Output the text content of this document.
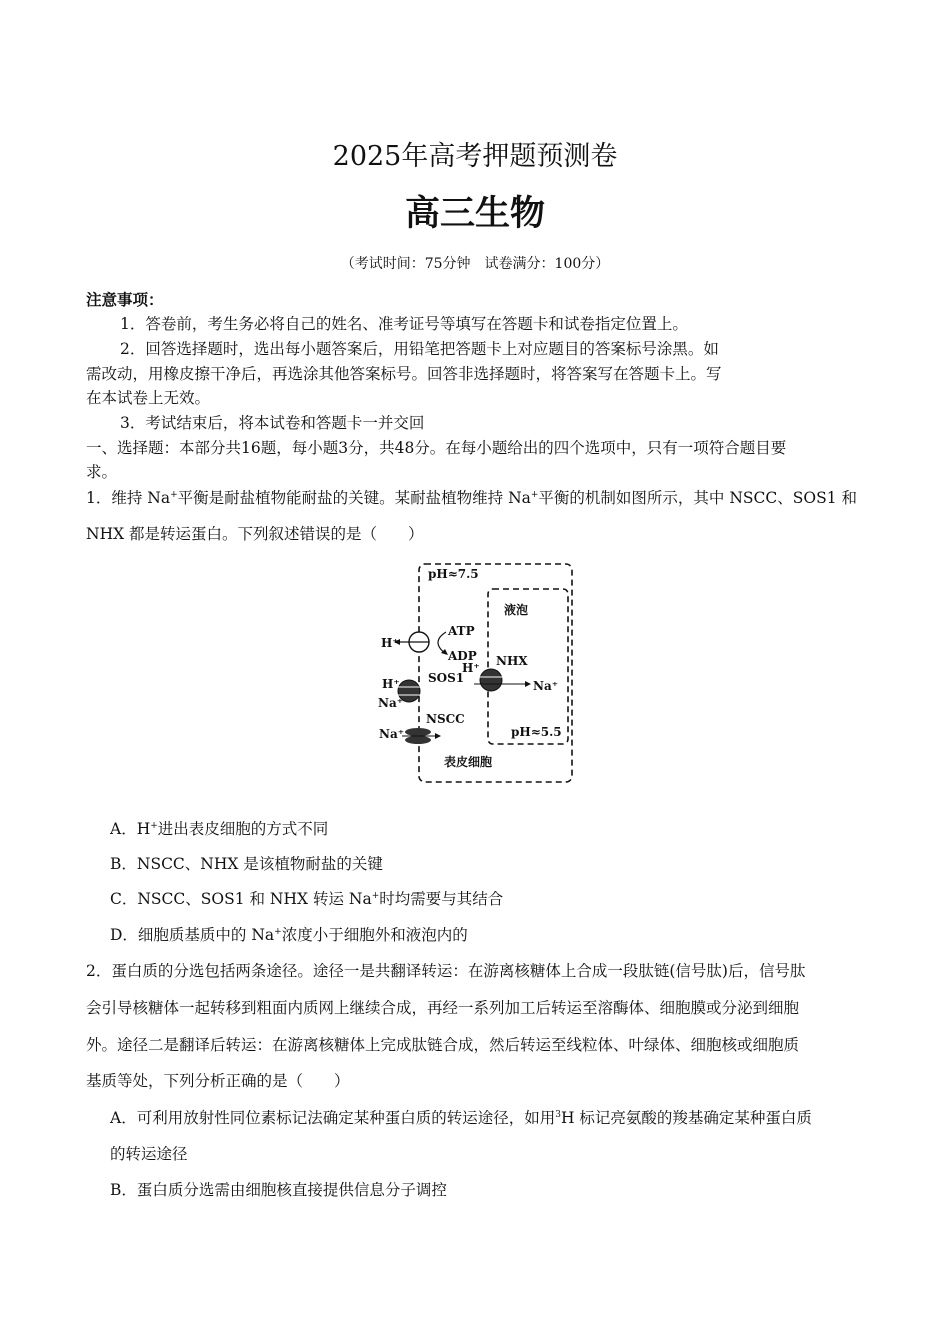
2025年高考押题预测卷
高三生物
（考试时间：75分钟　试卷满分：100分）
注意事项：
1．答卷前，考生务必将自己的姓名、准考证号等填写在答题卡和试卷指定位置上。
2．回答选择题时，选出每小题答案后，用铅笔把答题卡上对应题目的答案标号涂黑。如
需改动，用橡皮擦干净后，再选涂其他答案标号。回答非选择题时，将答案写在答题卡上。写
在本试卷上无效。
3．考试结束后，将本试卷和答题卡一并交回
一、选择题：本部分共16题，每小题3分，共48分。在每小题给出的四个选项中，只有一项符合题目要
求。
1．维持 Na+平衡是耐盐植物能耐盐的关键。某耐盐植物维持 Na+平衡的机制如图所示，其中 NSCC、SOS1 和
NHX 都是转运蛋白。下列叙述错误的是（　　）
pH≈7.5
液泡
H⁺
ATP
ADP
SOS1
H⁺
Na⁺
NHX
H⁺
Na⁺
NSCC
Na⁺	pH≈5.5
表皮细胞
A．H+进出表皮细胞的方式不同
B．NSCC、NHX 是该植物耐盐的关键
C．NSCC、SOS1 和 NHX 转运 Na+时均需要与其结合
D．细胞质基质中的 Na+浓度小于细胞外和液泡内的
2．蛋白质的分选包括两条途径。途径一是共翻译转运：在游离核糖体上合成一段肽链(信号肽)后，信号肽
会引导核糖体一起转移到粗面内质网上继续合成，再经一系列加工后转运至溶酶体、细胞膜或分泌到细胞
外。途径二是翻译后转运：在游离核糖体上完成肽链合成，然后转运至线粒体、叶绿体、细胞核或细胞质
基质等处，下列分析正确的是（　　）
A．可利用放射性同位素标记法确定某种蛋白质的转运途径，如用$^3$H 标记亮氨酸的羧基确定某种蛋白质
的转运途径
B．蛋白质分选需由细胞核直接提供信息分子调控
